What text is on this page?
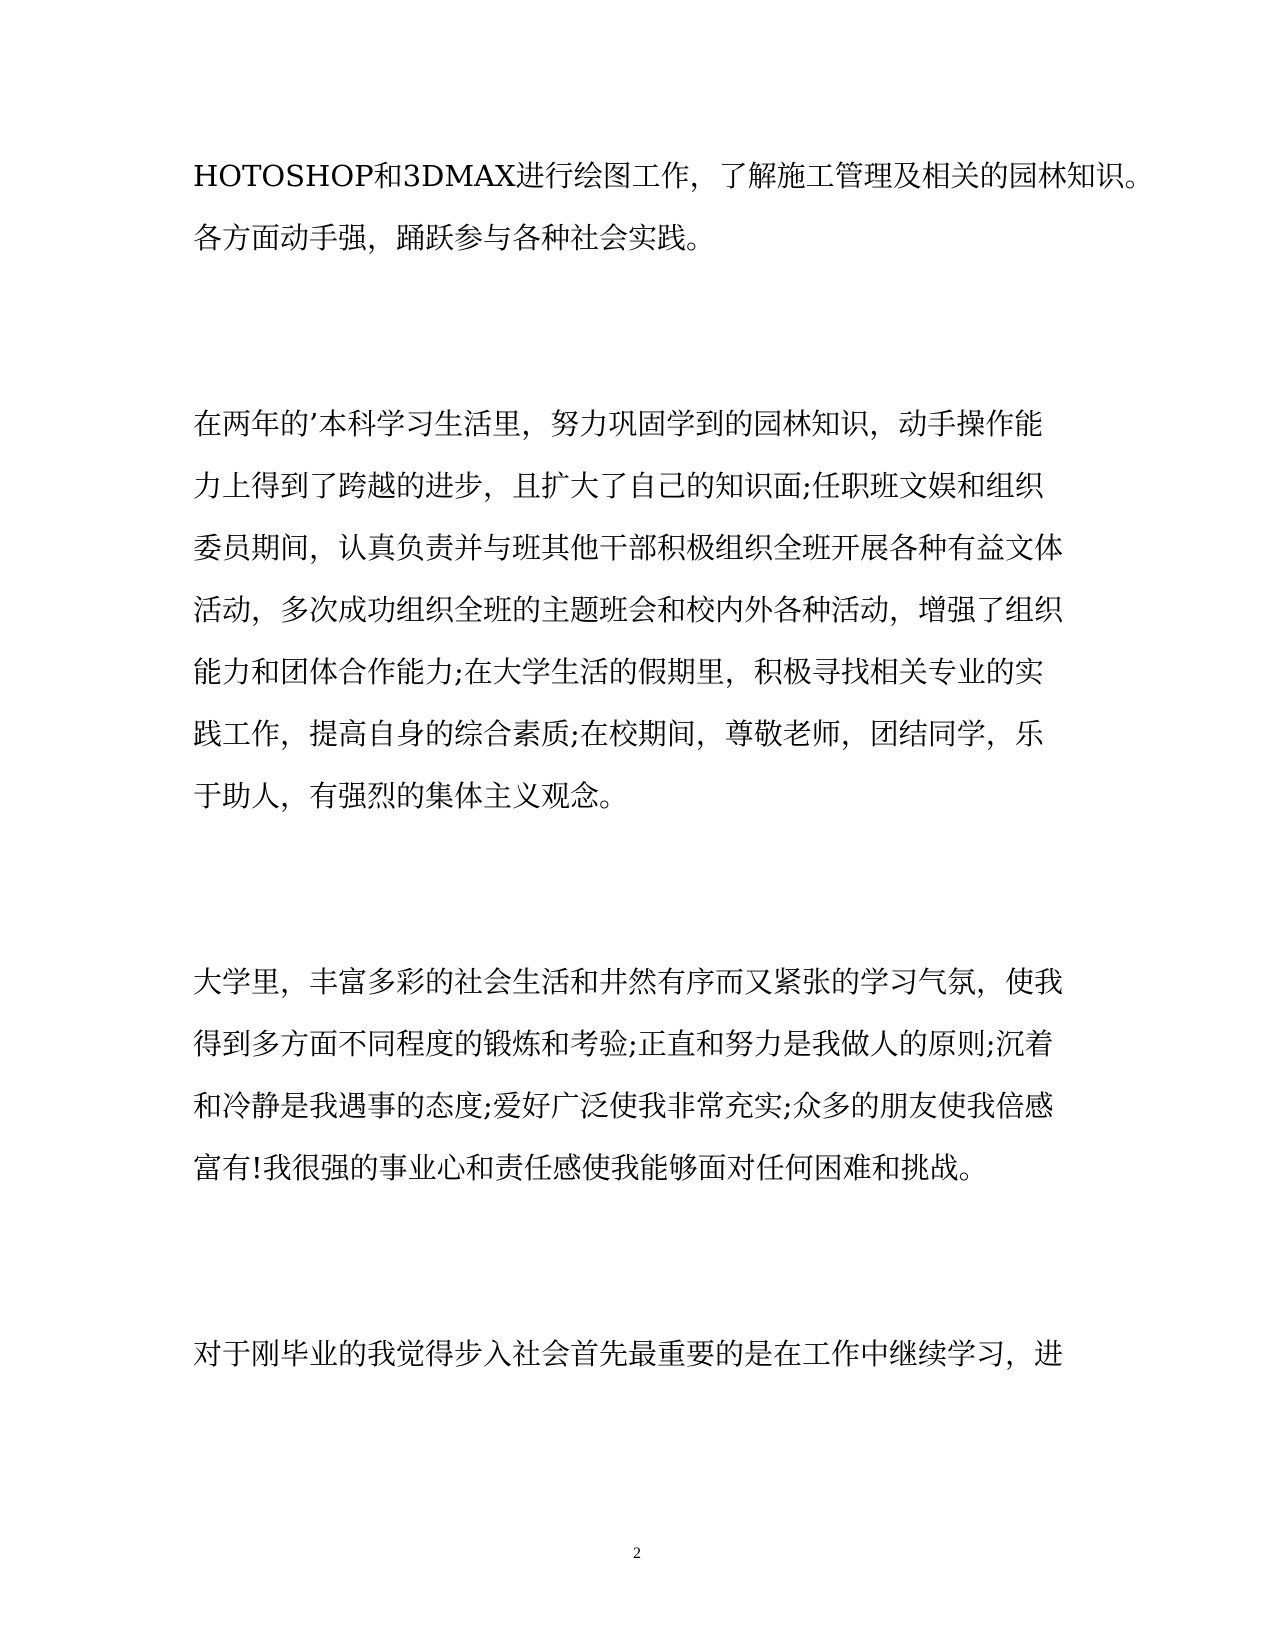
HOTOSHOP和3DMAX进行绘图工作，了解施工管理及相关的园林知识。
各方面动手强，踊跃参与各种社会实践。
在两年的’本科学习生活里，努力巩固学到的园林知识，动手操作能
力上得到了跨越的进步，且扩大了自己的知识面;任职班文娱和组织
委员期间，认真负责并与班其他干部积极组织全班开展各种有益文体
活动，多次成功组织全班的主题班会和校内外各种活动，增强了组织
能力和团体合作能力;在大学生活的假期里，积极寻找相关专业的实
践工作，提高自身的综合素质;在校期间，尊敬老师，团结同学，乐
于助人，有强烈的集体主义观念。
大学里，丰富多彩的社会生活和井然有序而又紧张的学习气氛，使我
得到多方面不同程度的锻炼和考验;正直和努力是我做人的原则;沉着
和冷静是我遇事的态度;爱好广泛使我非常充实;众多的朋友使我倍感
富有!我很强的事业心和责任感使我能够面对任何困难和挑战。
对于刚毕业的我觉得步入社会首先最重要的是在工作中继续学习，进
2
